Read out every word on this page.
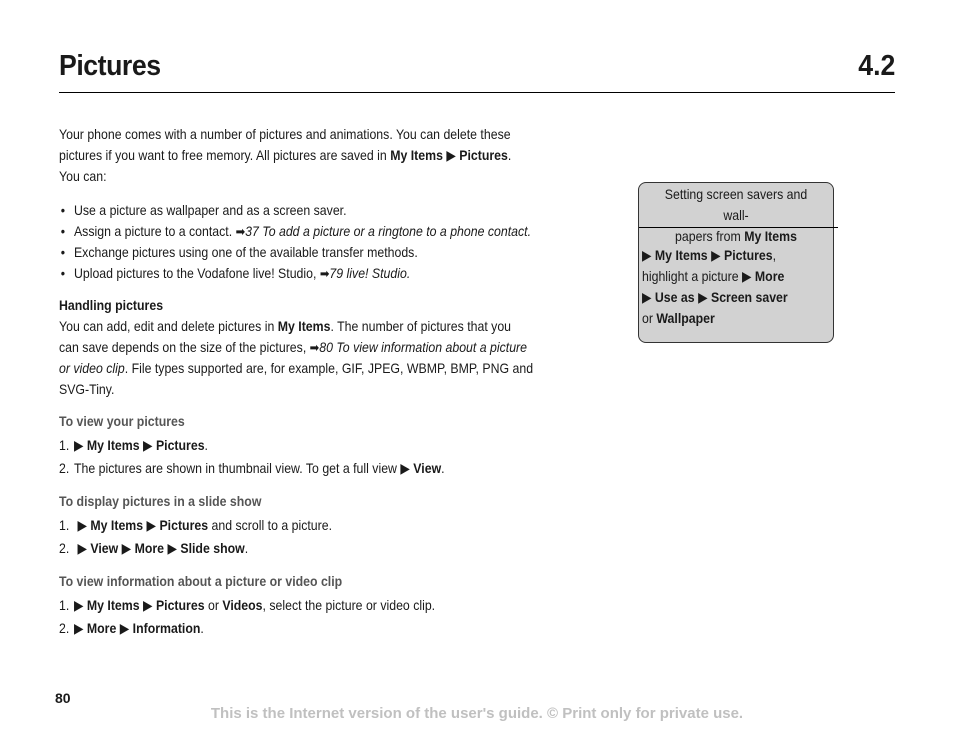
Pictures	4.2

Your phone comes with a number of pictures and animations. You can delete these

pictures if you want to free memory. All pictures are saved in My Items ▶ Pictures.

You can:

• Use a picture as wallpaper and as a screen saver.
• Assign a picture to a contact. ➡37 To add a picture or a ringtone to a phone contact.
• Exchange pictures using one of the available transfer methods.
• Upload pictures to the Vodafone live! Studio, ➡79 live! Studio.

Handling pictures

You can add, edit and delete pictures in My Items. The number of pictures that you

can save depends on the size of the pictures, ➡80 To view information about a picture

or video clip. File types supported are, for example, GIF, JPEG, WBMP, BMP, PNG and

SVG-Tiny.

To view your pictures

1. ▶ My Items ▶ Pictures.
2. The pictures are shown in thumbnail view. To get a full view ▶ View.

To display pictures in a slide show

1. ▶ My Items ▶ Pictures and scroll to a picture.
2. ▶ View ▶ More ▶ Slide show.

To view information about a picture or video clip

1. ▶ My Items ▶ Pictures or Videos, select the picture or video clip.
2. ▶ More ▶ Information.

Setting screen savers and wall-

papers from My Items

▶ My Items ▶ Pictures,

highlight a picture ▶ More

▶ Use as ▶ Screen saver

or Wallpaper

80
This is the Internet version of the user's guide. © Print only for private use.
